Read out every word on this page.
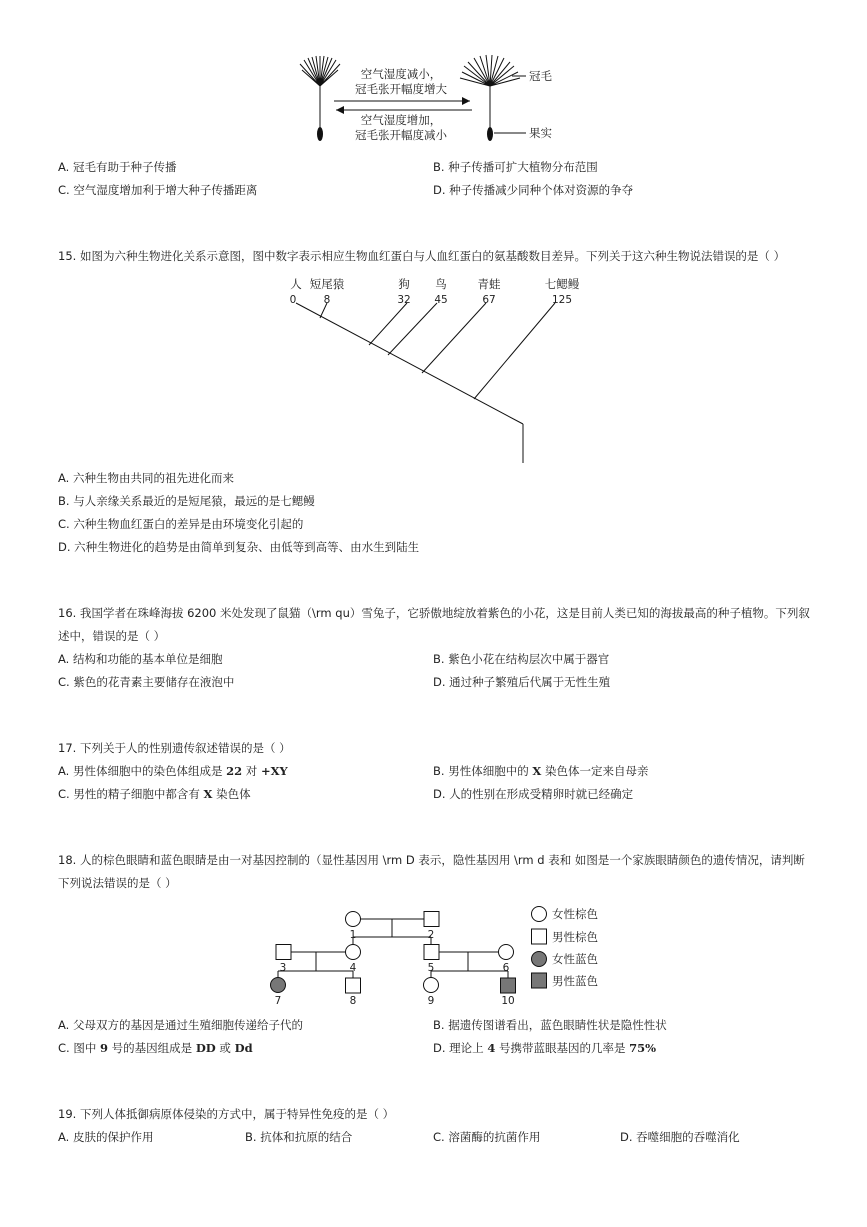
空气湿度减小，
冠毛张开幅度增大
空气湿度增加，
冠毛张开幅度减小
冠毛
果实
A. 冠毛有助于种子传播	B. 种子传播可扩大植物分布范围
C. 空气湿度增加利于增大种子传播距离	D. 种子传播减少同种个体对资源的争夺
15. 如图为六种生物进化关系示意图，图中数字表示相应生物血红蛋白与人血红蛋白的氨基酸数目差异。下列关于这六种生物说法错误的是（ ）
人 短尾猿	狗 鸟	青蛙	七鳃鳗
0	8	32 45	67	125
A. 六种生物由共同的祖先进化而来
B. 与人亲缘关系最近的是短尾猿，最远的是七鳃鳗
C. 六种生物血红蛋白的差异是由环境变化引起的
D. 六种生物进化的趋势是由简单到复杂、由低等到高等、由水生到陆生
16. 我国学者在珠峰海拔 6200 米处发现了鼠猫（\rm qu）雪兔子，它骄傲地绽放着紫色的小花，这是目前人类已知的海拔最高的种子植物。下列叙
述中，错误的是（ ）
A. 结构和功能的基本单位是细胞	B. 紫色小花在结构层次中属于器官
C. 紫色的花青素主要储存在液泡中	D. 通过种子繁殖后代属于无性生殖
17. 下列关于人的性别遗传叙述错误的是（ ）
A. 男性体细胞中的染色体组成是 22 对 +XY	B. 男性体细胞中的 X 染色体一定来自母亲
C. 男性的精子细胞中都含有 X 染色体	D. 人的性别在形成受精卵时就已经确定
18. 人的棕色眼睛和蓝色眼睛是由一对基因控制的（显性基因用 \rm D 表示，隐性基因用 \rm d 表和 如图是一个家族眼睛颜色的遗传情况，请判断
下列说法错误的是（ ）
1	2
3	4	5	6
7	8	9	10
女性棕色
男性棕色
女性蓝色
男性蓝色
A. 父母双方的基因是通过生殖细胞传递给子代的	B. 据遗传图谱看出，蓝色眼睛性状是隐性性状
C. 图中 9 号的基因组成是 DD 或 Dd	D. 理论上 4 号携带蓝眼基因的几率是 75%
19. 下列人体抵御病原体侵染的方式中，属于特异性免疫的是（ ）
A. 皮肤的保护作用	B. 抗体和抗原的结合	C. 溶菌酶的抗菌作用	D. 吞噬细胞的吞噬消化
